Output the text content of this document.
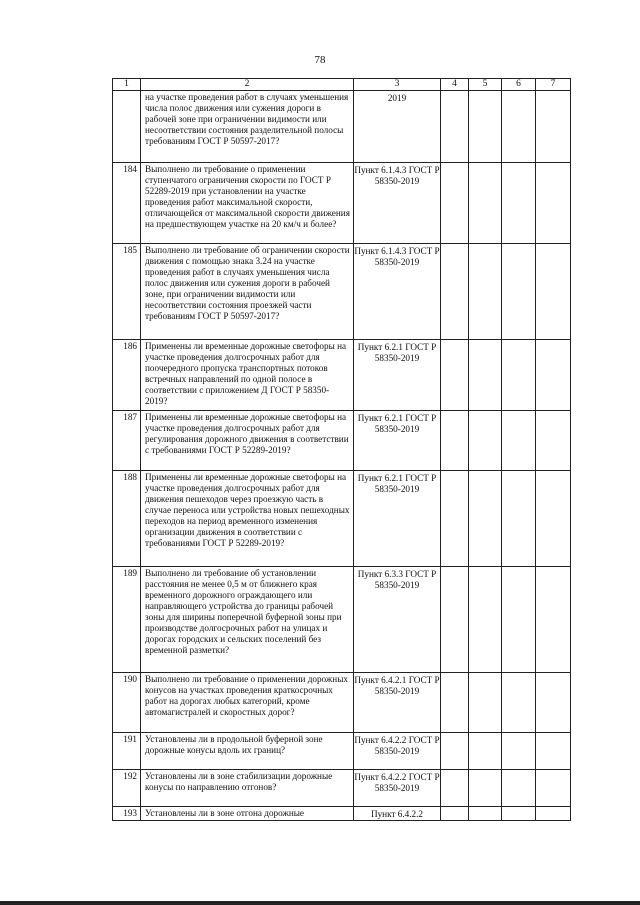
78
1	2	3	4	5	6	7
	на участке проведения работ в случаях уменьшения числа полос движения или сужения дороги в рабочей зоне при ограничении видимости или несоответствии состояния разделительной полосы требованиям ГОСТ Р 50597-2017?	2019				
184	Выполнено ли требование о применении ступенчатого ограничения скорости по ГОСТ Р 52289-2019 при установлении на участке проведения работ максимальной скорости, отличающейся от максимальной скорости движения на предшествующем участке на 20 км/ч и более?	Пункт 6.1.4.3 ГОСТ Р 58350-2019				
185	Выполнено ли требование об ограничении скорости движения с помощью знака 3.24 на участке проведения работ в случаях уменьшения числа полос движения или сужения дороги в рабочей зоне, при ограничении видимости или несоответствии состояния проезжей части требованиям ГОСТ Р 50597-2017?	Пункт 6.1.4.3 ГОСТ Р 58350-2019				
186	Применены ли временные дорожные светофоры на участке проведения долгосрочных работ для поочередного пропуска транспортных потоков встречных направлений по одной полосе в соответствии с приложением Д ГОСТ Р 58350-2019?	Пункт 6.2.1 ГОСТ Р 58350-2019				
187	Применены ли временные дорожные светофоры на участке проведения долгосрочных работ для регулирования дорожного движения в соответствии с требованиями ГОСТ Р 52289-2019?	Пункт 6.2.1 ГОСТ Р 58350-2019				
188	Применены ли временные дорожные светофоры на участке проведения долгосрочных работ для движения пешеходов через проезжую часть в случае переноса или устройства новых пешеходных переходов на период временного изменения организации движения в соответствии с требованиями ГОСТ Р 52289-2019?	Пункт 6.2.1 ГОСТ Р 58350-2019				
189	Выполнено ли требование об установлении расстояния не менее 0,5 м от ближнего края временного дорожного ограждающего или направляющего устройства до границы рабочей зоны для ширины поперечной буферной зоны при производстве долгосрочных работ на улицах и дорогах городских и сельских поселений без временной разметки?	Пункт 6.3.3 ГОСТ Р 58350-2019				
190	Выполнено ли требование о применении дорожных конусов на участках проведения краткосрочных работ на дорогах любых категорий, кроме автомагистралей и скоростных дорог?	Пункт 6.4.2.1 ГОСТ Р 58350-2019				
191	Установлены ли в продольной буферной зоне дорожные конусы вдоль их границ?	Пункт 6.4.2.2 ГОСТ Р 58350-2019				
192	Установлены ли в зоне стабилизации дорожные конусы по направлению отгонов?	Пункт 6.4.2.2 ГОСТ Р 58350-2019				
193	Установлены ли в зоне отгона дорожные	Пункт 6.4.2.2				
